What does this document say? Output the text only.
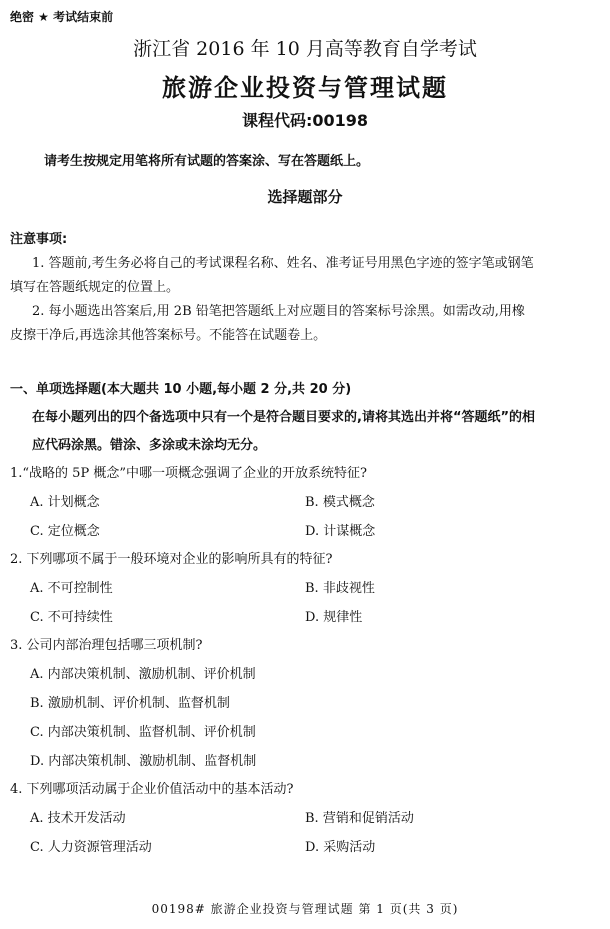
绝密 ★ 考试结束前
浙江省 2016 年 10 月高等教育自学考试
旅游企业投资与管理试题
课程代码:00198
请考生按规定用笔将所有试题的答案涂、写在答题纸上。
选择题部分
注意事项:
1. 答题前,考生务必将自己的考试课程名称、姓名、准考证号用黑色字迹的签字笔或钢笔
填写在答题纸规定的位置上。
2. 每小题选出答案后,用 2B 铅笔把答题纸上对应题目的答案标号涂黑。如需改动,用橡
皮擦干净后,再选涂其他答案标号。不能答在试题卷上。
一、单项选择题(本大题共 10 小题,每小题 2 分,共 20 分)
在每小题列出的四个备选项中只有一个是符合题目要求的,请将其选出并将“答题纸”的相
应代码涂黑。错涂、多涂或未涂均无分。
1.“战略的 5P 概念”中哪一项概念强调了企业的开放系统特征?
A. 计划概念	B. 模式概念
C. 定位概念	D. 计谋概念
2. 下列哪项不属于一般环境对企业的影响所具有的特征?
A. 不可控制性	B. 非歧视性
C. 不可持续性	D. 规律性
3. 公司内部治理包括哪三项机制?
A. 内部决策机制、激励机制、评价机制
B. 激励机制、评价机制、监督机制
C. 内部决策机制、监督机制、评价机制
D. 内部决策机制、激励机制、监督机制
4. 下列哪项活动属于企业价值活动中的基本活动?
A. 技术开发活动	B. 营销和促销活动
C. 人力资源管理活动	D. 采购活动
00198# 旅游企业投资与管理试题 第 1 页(共 3 页)
